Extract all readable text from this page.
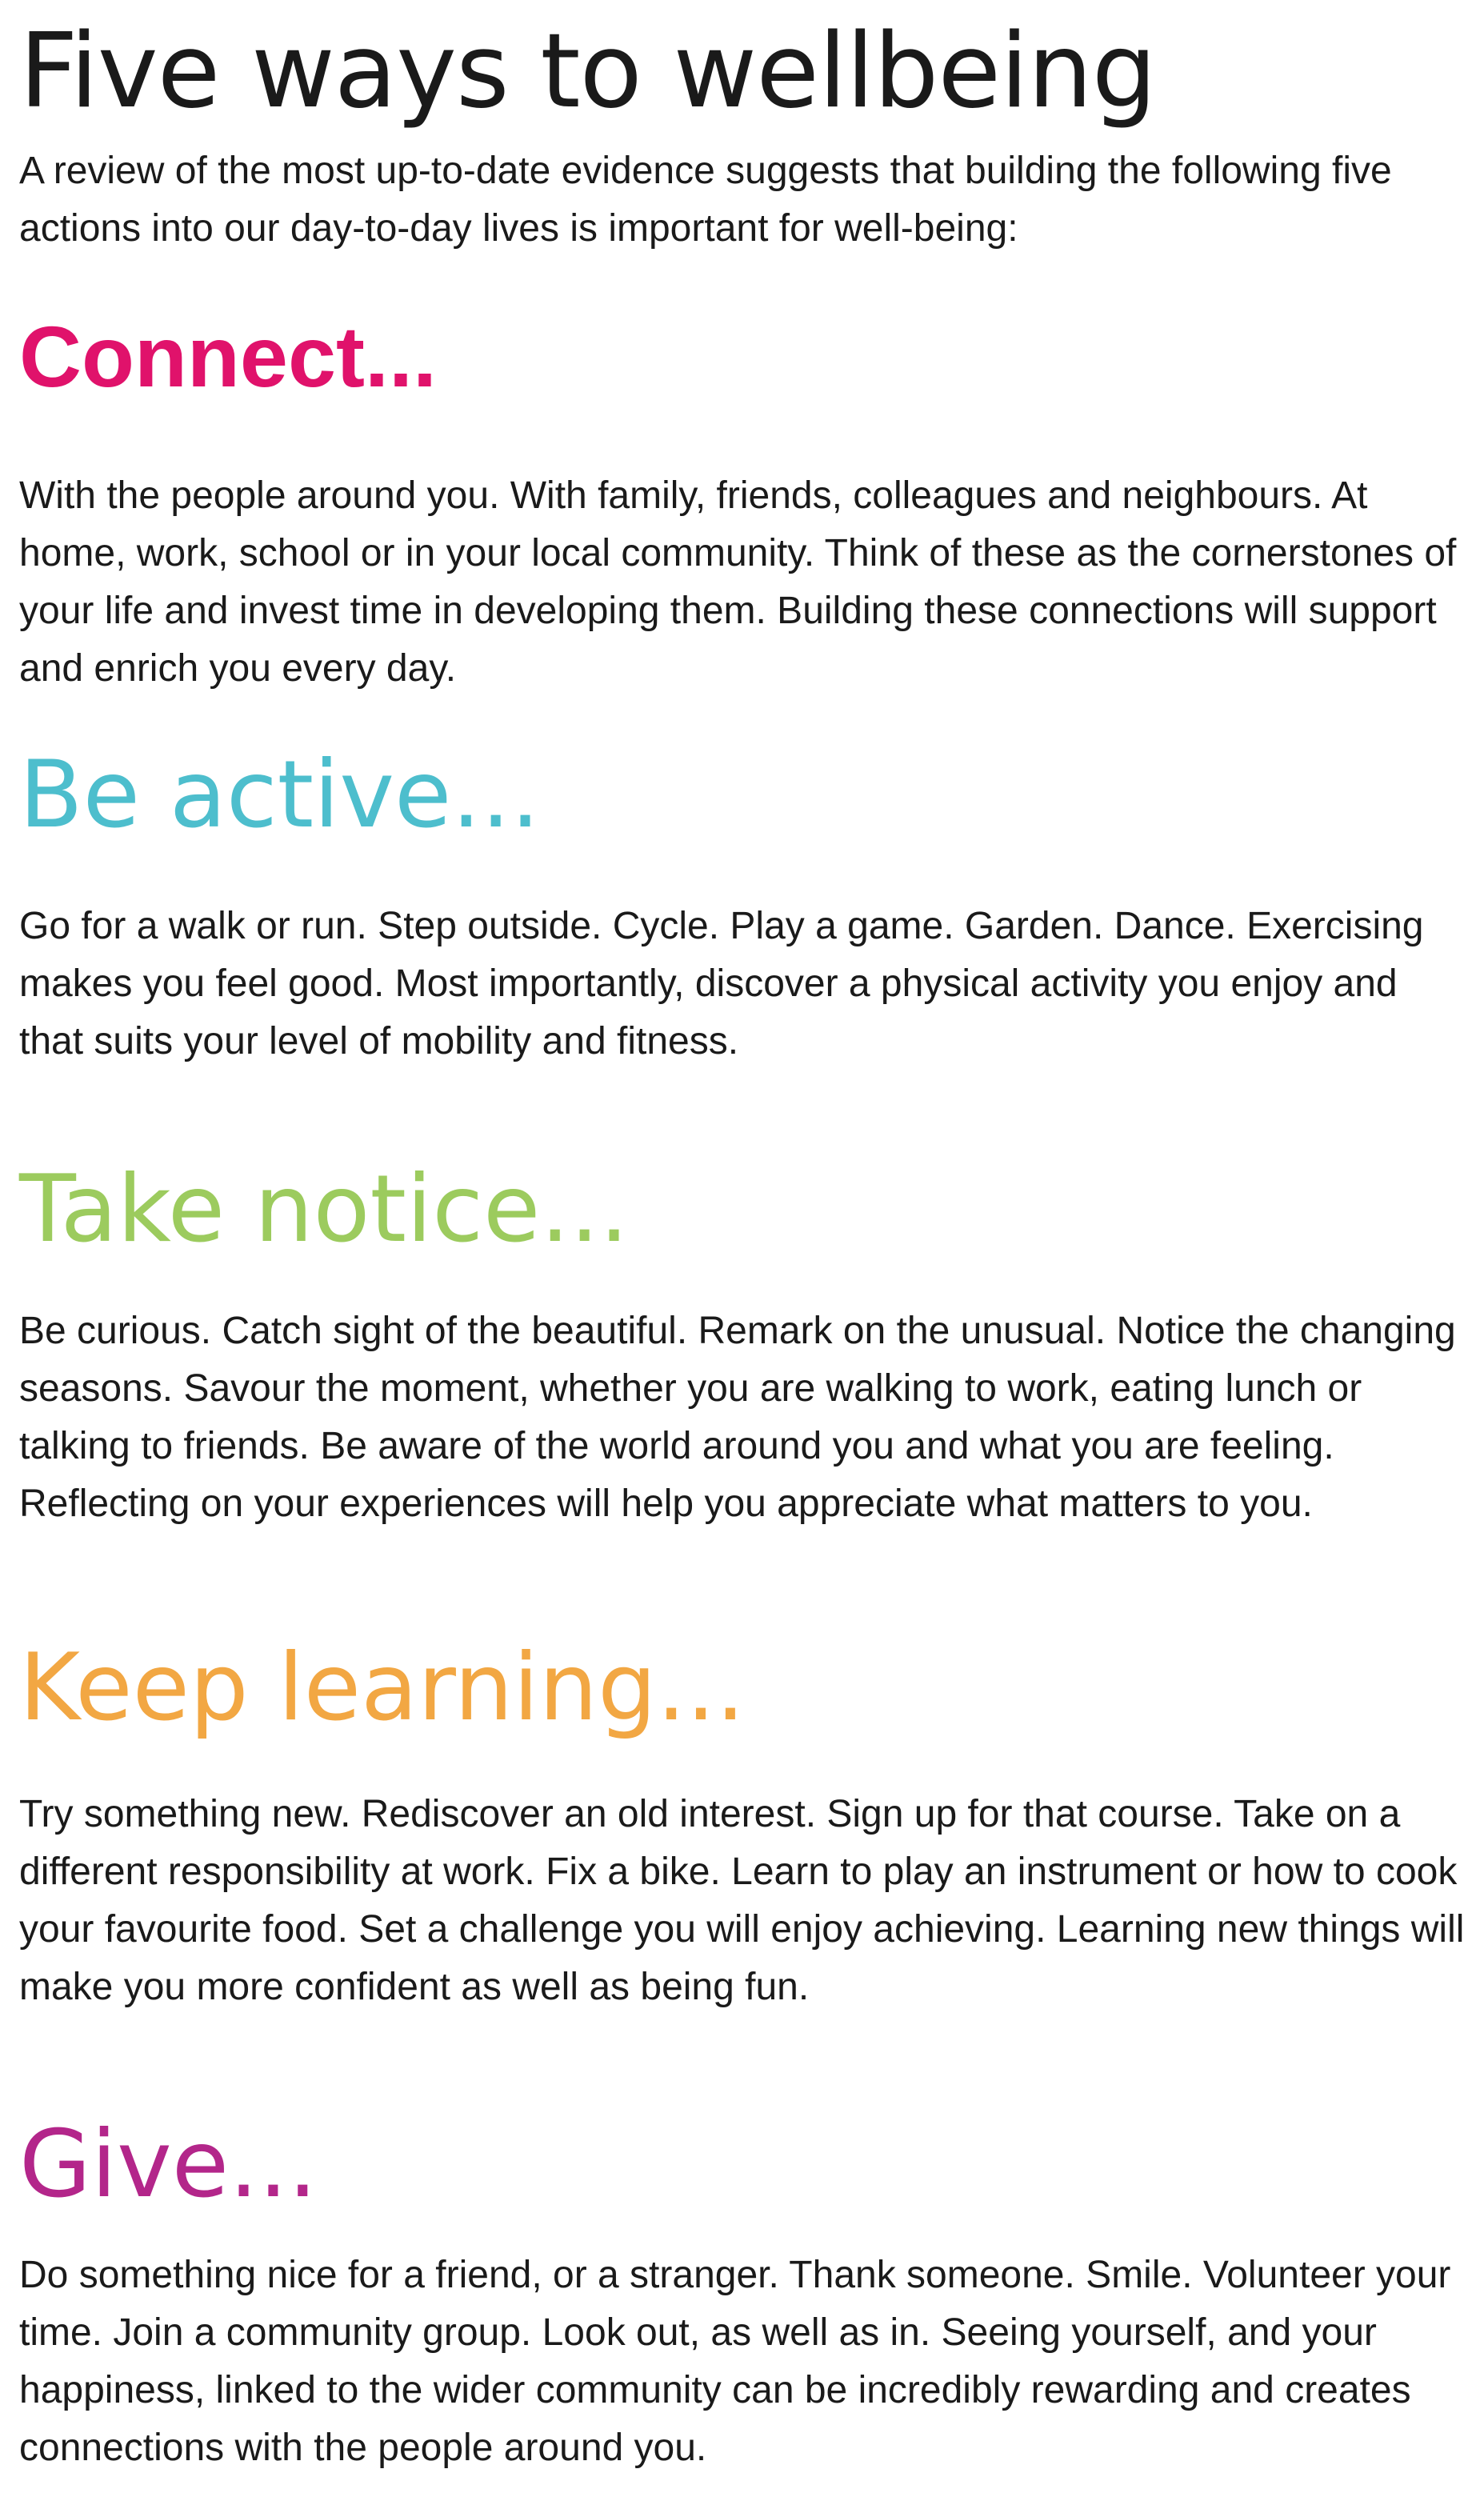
Five ways to wellbeing

A review of the most up-to-date evidence suggests that building the following five actions into our day-to-day lives is important for well-being:

Connect...

With the people around you. With family, friends, colleagues and neighbours. At home, work, school or in your local community. Think of these as the cornerstones of your life and invest time in developing them. Building these connections will support and enrich you every day.

Be active...

Go for a walk or run. Step outside. Cycle. Play a game. Garden. Dance. Exercising makes you feel good. Most importantly, discover a physical activity you enjoy and that suits your level of mobility and fitness.

Take notice...

Be curious. Catch sight of the beautiful. Remark on the unusual. Notice the changing seasons. Savour the moment, whether you are walking to work, eating lunch or talking to friends. Be aware of the world around you and what you are feeling. Reflecting on your experiences will help you appreciate what matters to you.

Keep learning...

Try something new. Rediscover an old interest. Sign up for that course. Take on a different responsibility at work. Fix a bike. Learn to play an instrument or how to cook your favourite food. Set a challenge you will enjoy achieving. Learning new things will make you more confident as well as being fun.

Give...

Do something nice for a friend, or a stranger. Thank someone. Smile. Volunteer your time. Join a community group. Look out, as well as in. Seeing yourself, and your happiness, linked to the wider community can be incredibly rewarding and creates connections with the people around you.
